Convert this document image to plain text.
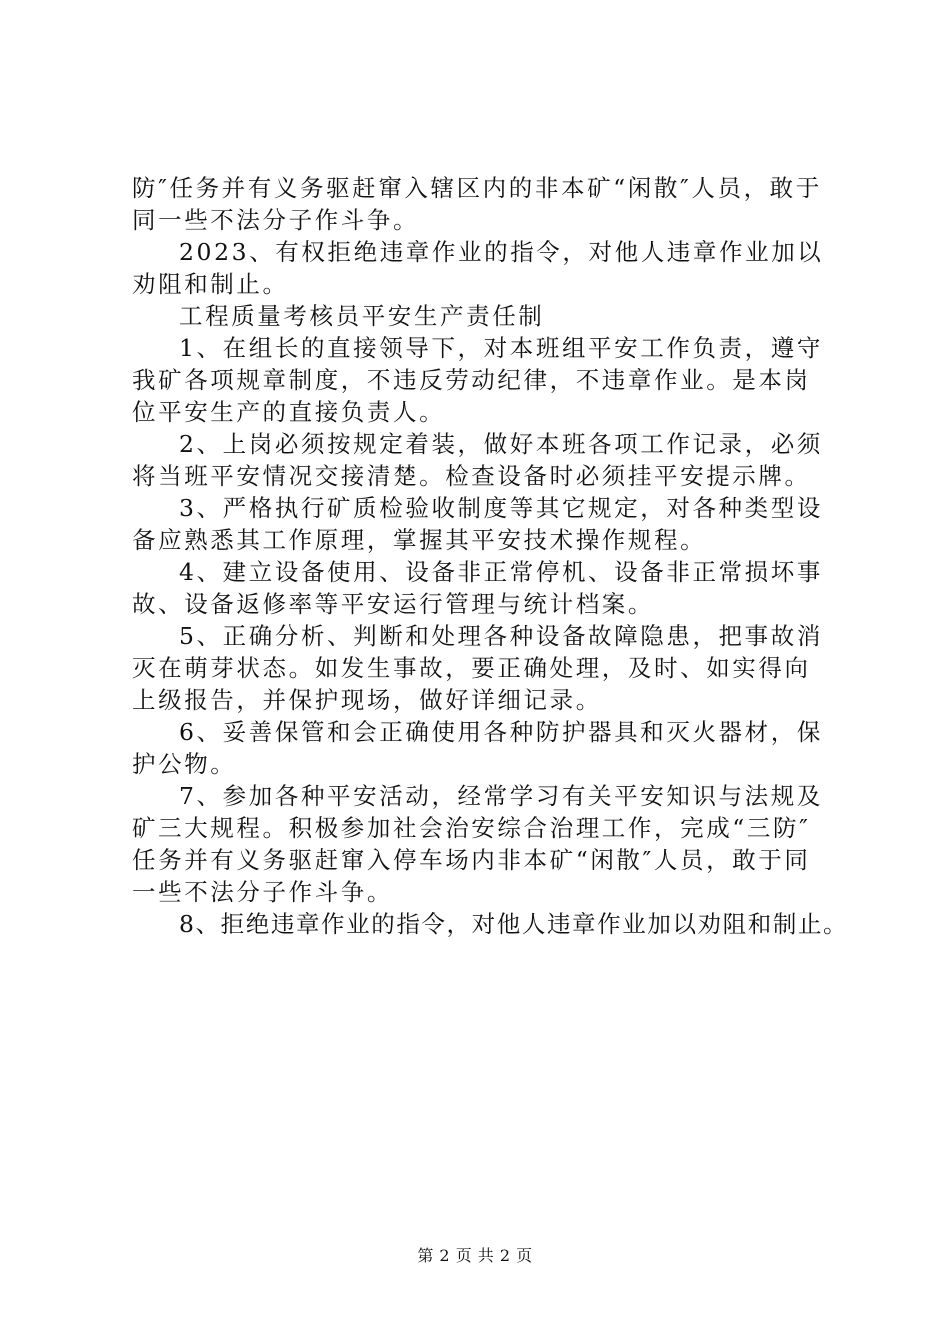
防″任务并有义务驱赶窜入辖区内的非本矿“闲散″人员，敢于同一些不法分子作斗争。

2023、有权拒绝违章作业的指令，对他人违章作业加以劝阻和制止。

工程质量考核员平安生产责任制

1、在组长的直接领导下，对本班组平安工作负责，遵守我矿各项规章制度，不违反劳动纪律，不违章作业。是本岗位平安生产的直接负责人。

2、上岗必须按规定着装，做好本班各项工作记录，必须将当班平安情况交接清楚。检查设备时必须挂平安提示牌。

3、严格执行矿质检验收制度等其它规定，对各种类型设备应熟悉其工作原理，掌握其平安技术操作规程。

4、建立设备使用、设备非正常停机、设备非正常损坏事故、设备返修率等平安运行管理与统计档案。

5、正确分析、判断和处理各种设备故障隐患，把事故消灭在萌芽状态。如发生事故，要正确处理，及时、如实得向上级报告，并保护现场，做好详细记录。

6、妥善保管和会正确使用各种防护器具和灭火器材，保护公物。

7、参加各种平安活动，经常学习有关平安知识与法规及矿三大规程。积极参加社会治安综合治理工作，完成“三防″任务并有义务驱赶窜入停车场内非本矿“闲散″人员，敢于同一些不法分子作斗争。

8、拒绝违章作业的指令，对他人违章作业加以劝阻和制止。

第 2 页 共 2 页
